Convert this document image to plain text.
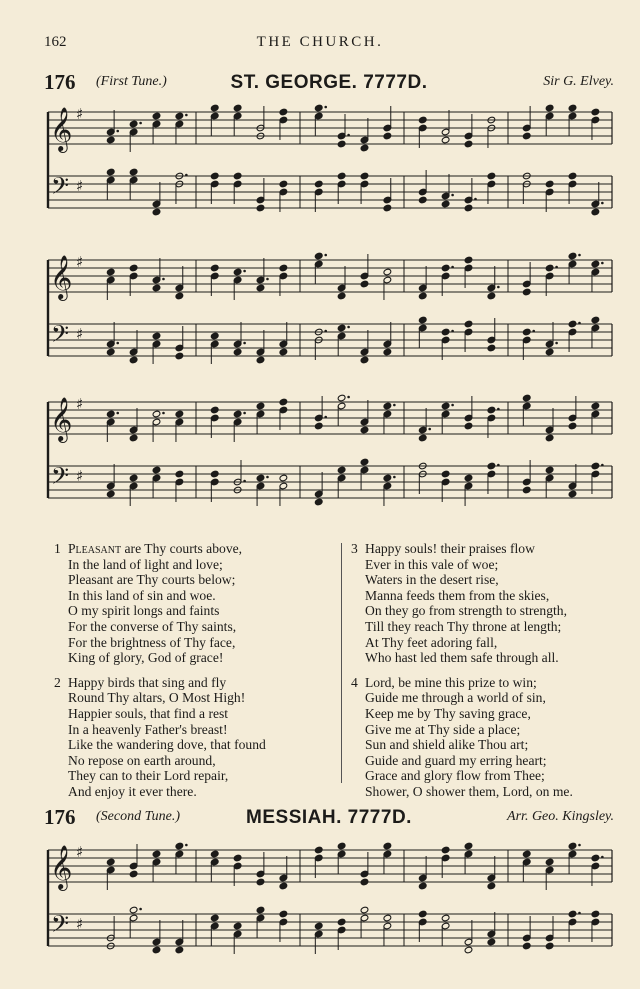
162	THE CHURCH.
176 (First Tune.)	ST. GEORGE. 7777D.	Sir G. Elvey.
𝄞 ♯
𝄢 ♯
𝄞 ♯
𝄢 ♯
𝄞 ♯
𝄢 ♯
1 Pleasant are Thy courts above,
In the land of light and love;
Pleasant are Thy courts below;
In this land of sin and woe.
O my spirit longs and faints
For the converse of Thy saints,
For the brightness of Thy face,
King of glory, God of grace!
2 Happy birds that sing and fly
Round Thy altars, O Most High!
Happier souls, that find a rest
In a heavenly Father's breast!
Like the wandering dove, that found
No repose on earth around,
They can to their Lord repair,
And enjoy it ever there.
3 Happy souls! their praises flow
Ever in this vale of woe;
Waters in the desert rise,
Manna feeds them from the skies,
On they go from strength to strength,
Till they reach Thy throne at length;
At Thy feet adoring fall,
Who hast led them safe through all.
4 Lord, be mine this prize to win;
Guide me through a world of sin,
Keep me by Thy saving grace,
Give me at Thy side a place;
Sun and shield alike Thou art;
Guide and guard my erring heart;
Grace and glory flow from Thee;
Shower, O shower them, Lord, on me.
176 (Second Tune.)	MESSIAH. 7777D.	Arr. Geo. Kingsley.
𝄞 ♯
𝄢 ♯
